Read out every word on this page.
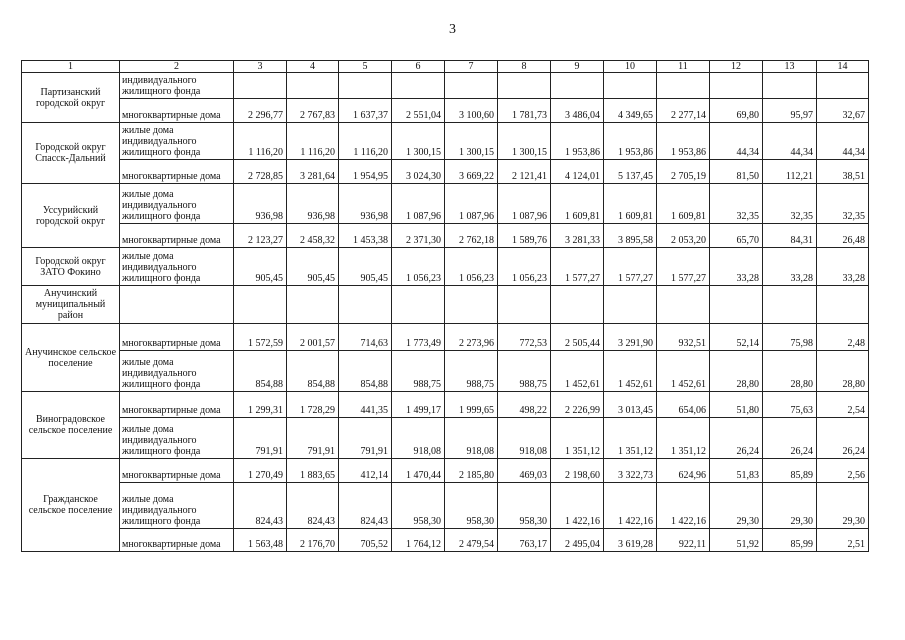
3
1	2	3	4	5	6	7	8	9	10	11	12	13	14
Партизанский городской округ	индивидуального жилищного фонда												
	многоквартирные дома	2 296,77	2 767,83	1 637,37	2 551,04	3 100,60	1 781,73	3 486,04	4 349,65	2 277,14	69,80	95,97	32,67
Городской округ Спасск-Дальний	жилые дома индивидуального жилищного фонда	1 116,20	1 116,20	1 116,20	1 300,15	1 300,15	1 300,15	1 953,86	1 953,86	1 953,86	44,34	44,34	44,34
	многоквартирные дома	2 728,85	3 281,64	1 954,95	3 024,30	3 669,22	2 121,41	4 124,01	5 137,45	2 705,19	81,50	112,21	38,51
Уссурийский городской округ	жилые дома индивидуального жилищного фонда	936,98	936,98	936,98	1 087,96	1 087,96	1 087,96	1 609,81	1 609,81	1 609,81	32,35	32,35	32,35
	многоквартирные дома	2 123,27	2 458,32	1 453,38	2 371,30	2 762,18	1 589,76	3 281,33	3 895,58	2 053,20	65,70	84,31	26,48
Городской округ ЗАТО Фокино	жилые дома индивидуального жилищного фонда	905,45	905,45	905,45	1 056,23	1 056,23	1 056,23	1 577,27	1 577,27	1 577,27	33,28	33,28	33,28
Анучинский муниципальный район													
Анучинское сельское поселение	многоквартирные дома	1 572,59	2 001,57	714,63	1 773,49	2 273,96	772,53	2 505,44	3 291,90	932,51	52,14	75,98	2,48
	жилые дома индивидуального жилищного фонда	854,88	854,88	854,88	988,75	988,75	988,75	1 452,61	1 452,61	1 452,61	28,80	28,80	28,80
Виноградовское сельское поселение	многоквартирные дома	1 299,31	1 728,29	441,35	1 499,17	1 999,65	498,22	2 226,99	3 013,45	654,06	51,80	75,63	2,54
	жилые дома индивидуального жилищного фонда	791,91	791,91	791,91	918,08	918,08	918,08	1 351,12	1 351,12	1 351,12	26,24	26,24	26,24
Гражданское сельское поселение	многоквартирные дома	1 270,49	1 883,65	412,14	1 470,44	2 185,80	469,03	2 198,60	3 322,73	624,96	51,83	85,89	2,56
	жилые дома индивидуального жилищного фонда	824,43	824,43	824,43	958,30	958,30	958,30	1 422,16	1 422,16	1 422,16	29,30	29,30	29,30
	многоквартирные дома	1 563,48	2 176,70	705,52	1 764,12	2 479,54	763,17	2 495,04	3 619,28	922,11	51,92	85,99	2,51
